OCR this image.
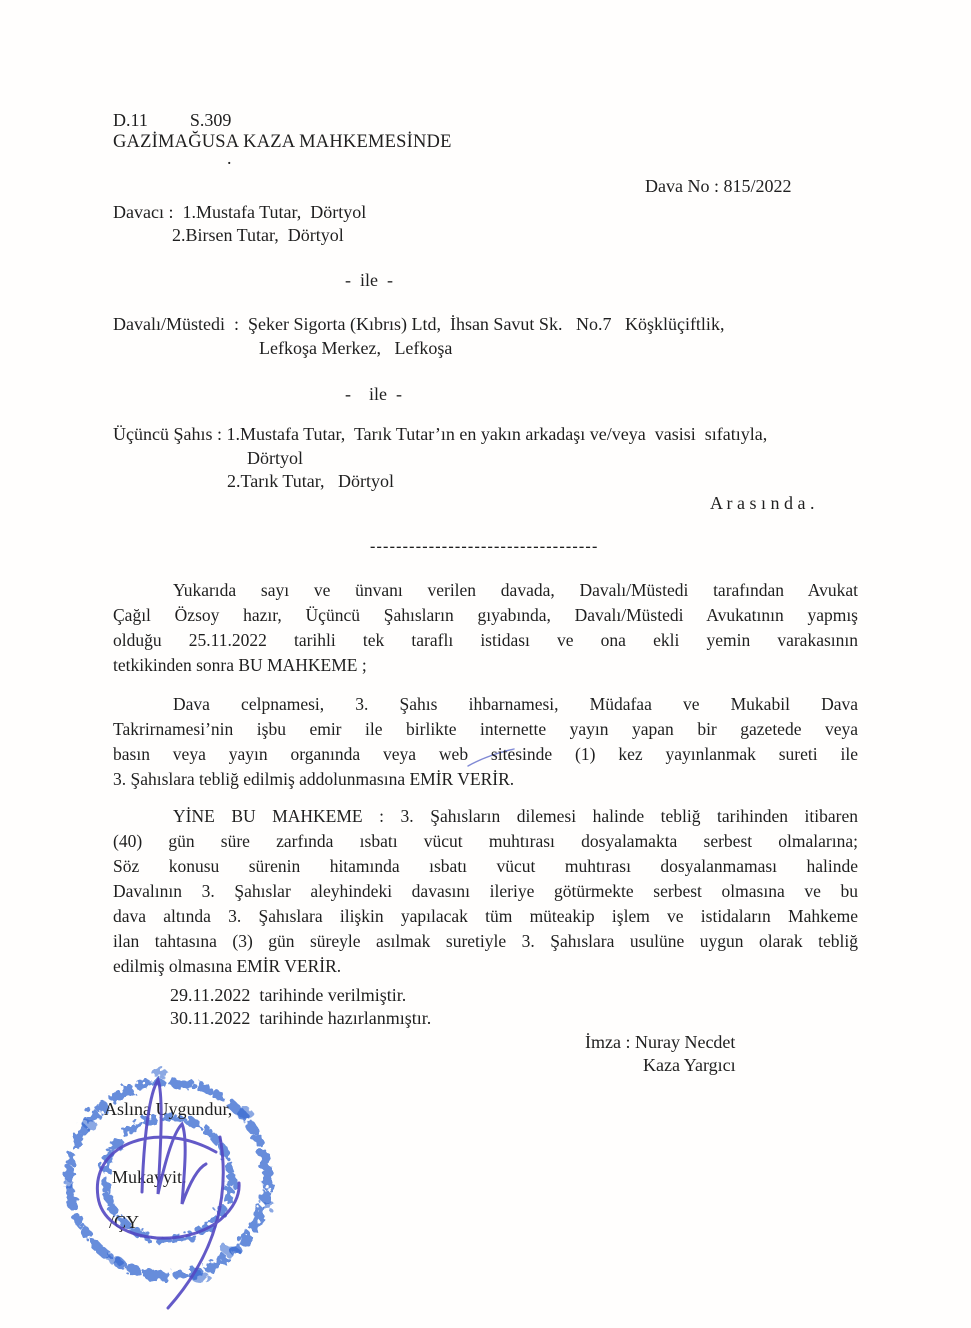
D.11 S.309
GAZİMAĞUSA KAZA MAHKEMESİNDE
.
Dava No : 815/2022
Davacı :  1.Mustafa Tutar,  Dörtyol
2.Birsen Tutar,  Dörtyol
-  ile  -
Davalı/Müstedi  :  Şeker Sigorta (Kıbrıs) Ltd,  İhsan Savut Sk.   No.7   Köşklüçiftlik,
Lefkoşa Merkez,   Lefkoşa
-    ile  -
Üçüncü Şahıs : 1.Mustafa Tutar,  Tarık Tutar’ın en yakın arkadaşı ve/veya  vasisi  sıfatıyla,
Dörtyol
2.Tarık Tutar,   Dörtyol
A r a s ı n d a .
-----------------------------------
Yukarıda sayı ve ünvanı verilen davada, Davalı/Müstedi tarafından Avukat
Çağıl Özsoy hazır, Üçüncü Şahısların gıyabında, Davalı/Müstedi Avukatının yapmış
olduğu 25.11.2022 tarihli tek taraflı istidası ve ona ekli yemin varakasının
tetkikinden sonra BU MAHKEME ;
Dava celpnamesi, 3. Şahıs ihbarnamesi, Müdafaa ve Mukabil Dava
Takrirnamesi’nin işbu emir ile birlikte internette yayın yapan bir gazetede veya
basın veya yayın organında veya web sitesinde (1) kez yayınlanmak sureti ile
3. Şahıslara tebliğ edilmiş addolunmasına EMİR VERİR.
YİNE BU MAHKEME : 3. Şahısların dilemesi halinde tebliğ tarihinden itibaren
(40) gün süre zarfında ısbatı vücut muhtırası dosyalamakta serbest olmalarına;
Söz konusu sürenin hitamında ısbatı vücut muhtırası dosyalanmaması halinde
Davalının 3. Şahıslar aleyhindeki davasını ileriye götürmekte serbest olmasına ve bu
dava altında 3. Şahıslara ilişkin yapılacak tüm müteakip işlem ve istidaların Mahkeme
ilan tahtasına (3) gün süreyle asılmak suretiyle 3. Şahıslara usulüne uygun olarak tebliğ
edilmiş olmasına EMİR VERİR.
29.11.2022  tarihinde verilmiştir.
30.11.2022  tarihinde hazırlanmıştır.
İmza : Nuray Necdet
Kaza Yargıcı
Aslına Uygundur,
Mukayyit.
/ÇY
